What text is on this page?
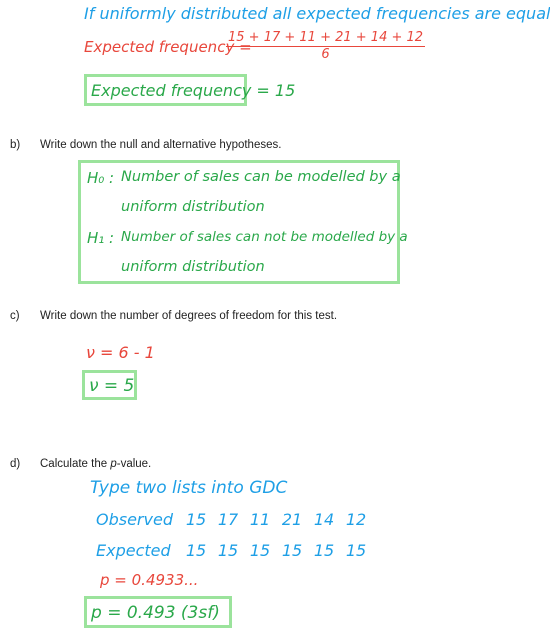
If uniformly distributed all expected frequencies are equal
Expected frequency =
$\frac{15 + 17 + 11 + 21 + 14 + 12}{6}$
Expected frequency = 15
b) Write down the null and alternative hypotheses.
H₀ : Number of sales can be modelled by a
uniform distribution
H₁ : Number of sales can not be modelled by a
uniform distribution
c) Write down the number of degrees of freedom for this test.
ν = 6 - 1
ν = 5
d) Calculate the p-value.
Type two lists into GDC
Observed 15 17 11 21 14 12
Expected 15 15 15 15 15 15
p = 0.4933...
p = 0.493 (3sf)
